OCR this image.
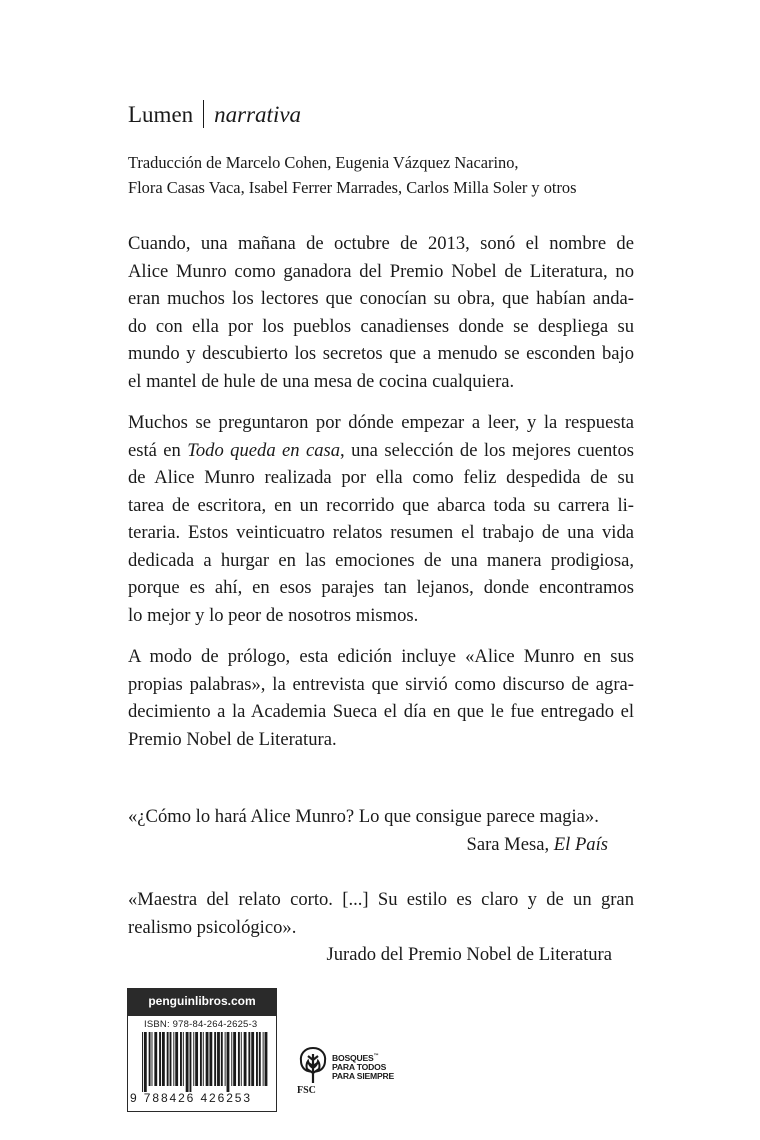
Lumen narrativa
Traducción de Marcelo Cohen, Eugenia Vázquez Nacarino,
Flora Casas Vaca, Isabel Ferrer Marrades, Carlos Milla Soler y otros
Cuando, una mañana de octubre de 2013, sonó el nombre de
Alice Munro como ganadora del Premio Nobel de Literatura, no
eran muchos los lectores que conocían su obra, que habían anda-
do con ella por los pueblos canadienses donde se despliega su
mundo y descubierto los secretos que a menudo se esconden bajo
el mantel de hule de una mesa de cocina cualquiera.
Muchos se preguntaron por dónde empezar a leer, y la respuesta
está en Todo queda en casa, una selección de los mejores cuentos
de Alice Munro realizada por ella como feliz despedida de su
tarea de escritora, en un recorrido que abarca toda su carrera li-
teraria. Estos veinticuatro relatos resumen el trabajo de una vida
dedicada a hurgar en las emociones de una manera prodigiosa,
porque es ahí, en esos parajes tan lejanos, donde encontramos
lo mejor y lo peor de nosotros mismos.
A modo de prólogo, esta edición incluye «Alice Munro en sus
propias palabras», la entrevista que sirvió como discurso de agra-
decimiento a la Academia Sueca el día en que le fue entregado el
Premio Nobel de Literatura.
«¿Cómo lo hará Alice Munro? Lo que consigue parece magia».
Sara Mesa, El País
«Maestra del relato corto. [...] Su estilo es claro y de un gran
realismo psicológico».
Jurado del Premio Nobel de Literatura
penguinlibros.com
ISBN: 978-84-264-2625-3
9 788426 426253
FSC
BOSQUES™
PARA TODOS
PARA SIEMPRE
